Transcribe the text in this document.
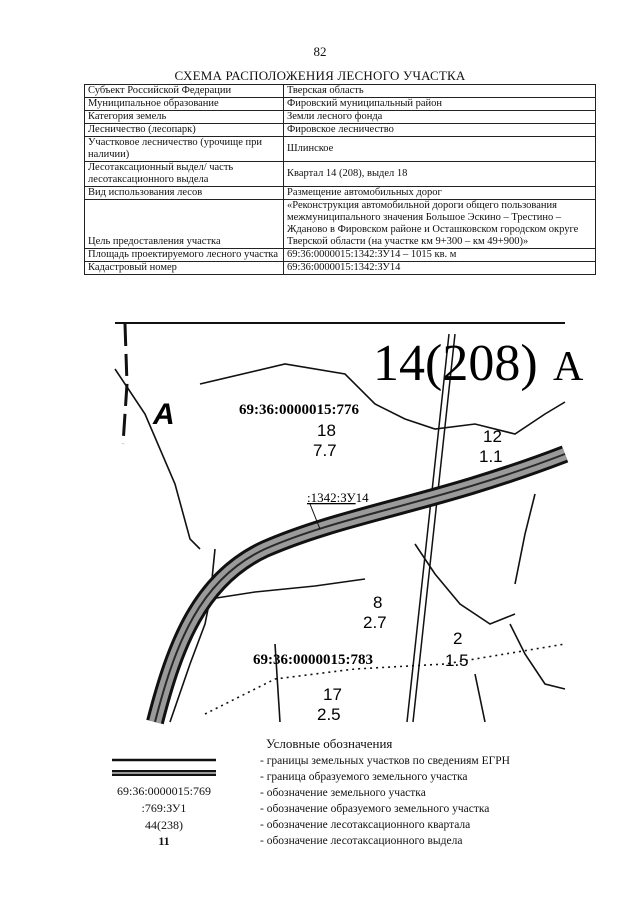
82
СХЕМА РАСПОЛОЖЕНИЯ ЛЕСНОГО УЧАСТКА
Субъект Российской Федерации	Тверская область
Муниципальное образование	Фировский муниципальный район
Категория земель	Земли лесного фонда
Лесничество (лесопарк)	Фировское лесничество
Участковое лесничество (урочище при наличии)	Шлинское
Лесотаксационный выдел/ часть лесотаксационного выдела	Квартал 14 (208), выдел 18
Вид использования лесов	Размещение автомобильных дорог
Цель предоставления участка	«Реконструкция автомобильной дороги общего пользования межмуниципального значения Большое Эскино – Трестино – Жданово в Фировском районе и Осташковском городском округе Тверской области (на участке км 9+300 – км 49+900)»
Площадь проектируемого лесного участка	69:36:0000015:1342:ЗУ14 – 1015 кв. м
Кадастровый номер	69:36:0000015:1342:ЗУ14
14(208) А
А	69:36:0000015:776
18
7.7
12
1.1
:1342:ЗУ14
8
2.7
69:36:0000015:783
2
1.5
17
2.5
Условные обозначения
69:36:0000015:769
:769:ЗУ1
44(238)
11
- границы земельных участков по сведениям ЕГРН
- граница образуемого земельного участка
- обозначение земельного участка
- обозначение образуемого земельного участка
- обозначение лесотаксационного квартала
- обозначение лесотаксационного выдела
